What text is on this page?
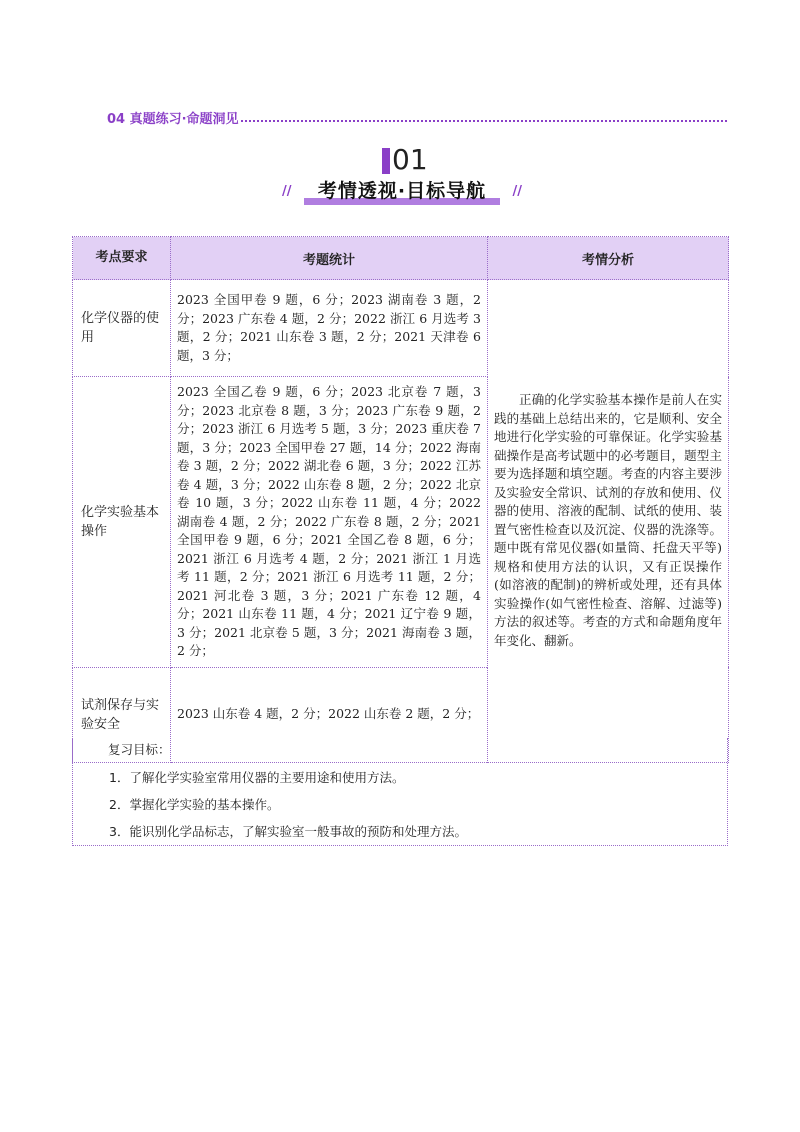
04 真题练习·命题洞见
01
//	考情透视·目标导航	//
考点要求	考题统计	考情分析
化学仪器的使用	2023 全国甲卷 9 题，6 分；2023 湖南卷 3 题，2 分；2023 广东卷 4 题，2 分；2022 浙江 6 月选考 3 题，2 分；2021 山东卷 3 题，2 分；2021 天津卷 6 题，3 分；	正确的化学实验基本操作是前人在实践的基础上总结出来的，它是顺利、安全地进行化学实验的可靠保证。化学实验基础操作是高考试题中的必考题目，题型主要为选择题和填空题。考查的内容主要涉及实验安全常识、试剂的存放和使用、仪器的使用、溶液的配制、试纸的使用、装置气密性检查以及沉淀、仪器的洗涤等。题中既有常见仪器(如量筒、托盘天平等)规格和使用方法的认识，又有正误操作(如溶液的配制)的辨析或处理，还有具体实验操作(如气密性检查、溶解、过滤等)方法的叙述等。考查的方式和命题角度年年变化、翻新。
化学实验基本操作	2023 全国乙卷 9 题，6 分；2023 北京卷 7 题，3 分；2023 北京卷 8 题，3 分；2023 广东卷 9 题，2 分；2023 浙江 6 月选考 5 题，3 分；2023 重庆卷 7 题，3 分；2023 全国甲卷 27 题，14 分；2022 海南卷 3 题，2 分；2022 湖北卷 6 题，3 分；2022 江苏卷 4 题，3 分；2022 山东卷 8 题，2 分；2022 北京卷 10 题，3 分；2022 山东卷 11 题，4 分；2022 湖南卷 4 题，2 分；2022 广东卷 8 题，2 分；2021 全国甲卷 9 题，6 分；2021 全国乙卷 8 题，6 分；2021 浙江 6 月选考 4 题，2 分；2021 浙江 1 月选考 11 题，2 分；2021 浙江 6 月选考 11 题，2 分；2021 河北卷 3 题，3 分；2021 广东卷 12 题，4 分；2021 山东卷 11 题，4 分；2021 辽宁卷 9 题，3 分；2021 北京卷 5 题，3 分；2021 海南卷 3 题，2 分；	
试剂保存与实验安全	2023 山东卷 4 题，2 分；2022 山东卷 2 题，2 分；	
复习目标：
1．了解化学实验室常用仪器的主要用途和使用方法。
2．掌握化学实验的基本操作。
3．能识别化学品标志，了解实验室一般事故的预防和处理方法。
